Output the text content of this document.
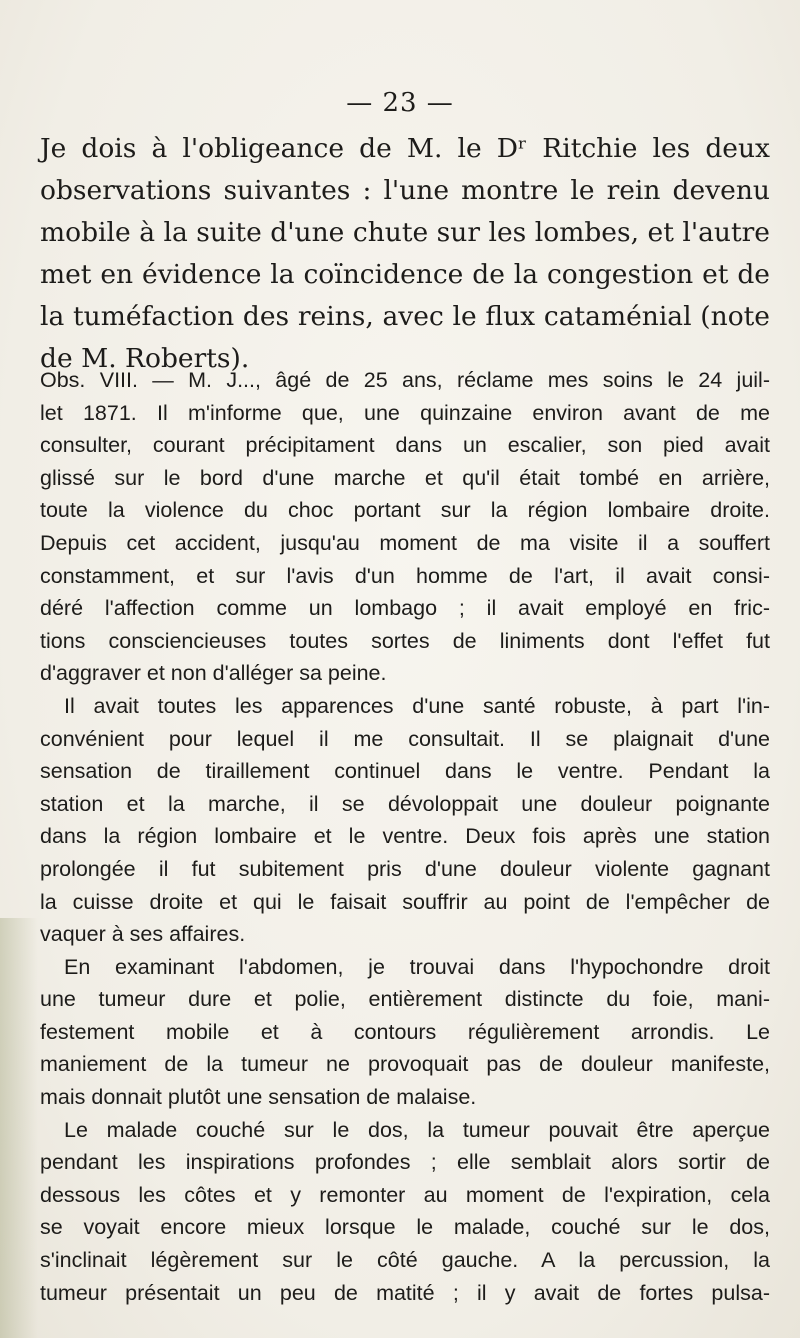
— 23 —
Je dois à l'obligeance de M. le Dʳ Ritchie les deux
observations suivantes : l'une montre le rein devenu
mobile à la suite d'une chute sur les lombes, et l'autre
met en évidence la coïncidence de la congestion et de
la tuméfaction des reins, avec le flux cataménial (note
de M. Roberts).
Obs. VIII. — M. J..., âgé de 25 ans, réclame mes soins le 24 juil-
let 1871. Il m'informe que, une quinzaine environ avant de me
consulter, courant précipitament dans un escalier, son pied avait
glissé sur le bord d'une marche et qu'il était tombé en arrière,
toute la violence du choc portant sur la région lombaire droite.
Depuis cet accident, jusqu'au moment de ma visite il a souffert
constamment, et sur l'avis d'un homme de l'art, il avait consi-
déré l'affection comme un lombago ; il avait employé en fric-
tions consciencieuses toutes sortes de liniments dont l'effet fut
d'aggraver et non d'alléger sa peine.
Il avait toutes les apparences d'une santé robuste, à part l'in-
convénient pour lequel il me consultait. Il se plaignait d'une
sensation de tiraillement continuel dans le ventre. Pendant la
station et la marche, il se dévoloppait une douleur poignante
dans la région lombaire et le ventre. Deux fois après une station
prolongée il fut subitement pris d'une douleur violente gagnant
la cuisse droite et qui le faisait souffrir au point de l'empêcher de
vaquer à ses affaires.
En examinant l'abdomen, je trouvai dans l'hypochondre droit
une tumeur dure et polie, entièrement distincte du foie, mani-
festement mobile et à contours régulièrement arrondis. Le
maniement de la tumeur ne provoquait pas de douleur manifeste,
mais donnait plutôt une sensation de malaise.
Le malade couché sur le dos, la tumeur pouvait être aperçue
pendant les inspirations profondes ; elle semblait alors sortir de
dessous les côtes et y remonter au moment de l'expiration, cela
se voyait encore mieux lorsque le malade, couché sur le dos,
s'inclinait légèrement sur le côté gauche. A la percussion, la
tumeur présentait un peu de matité ; il y avait de fortes pulsa-
